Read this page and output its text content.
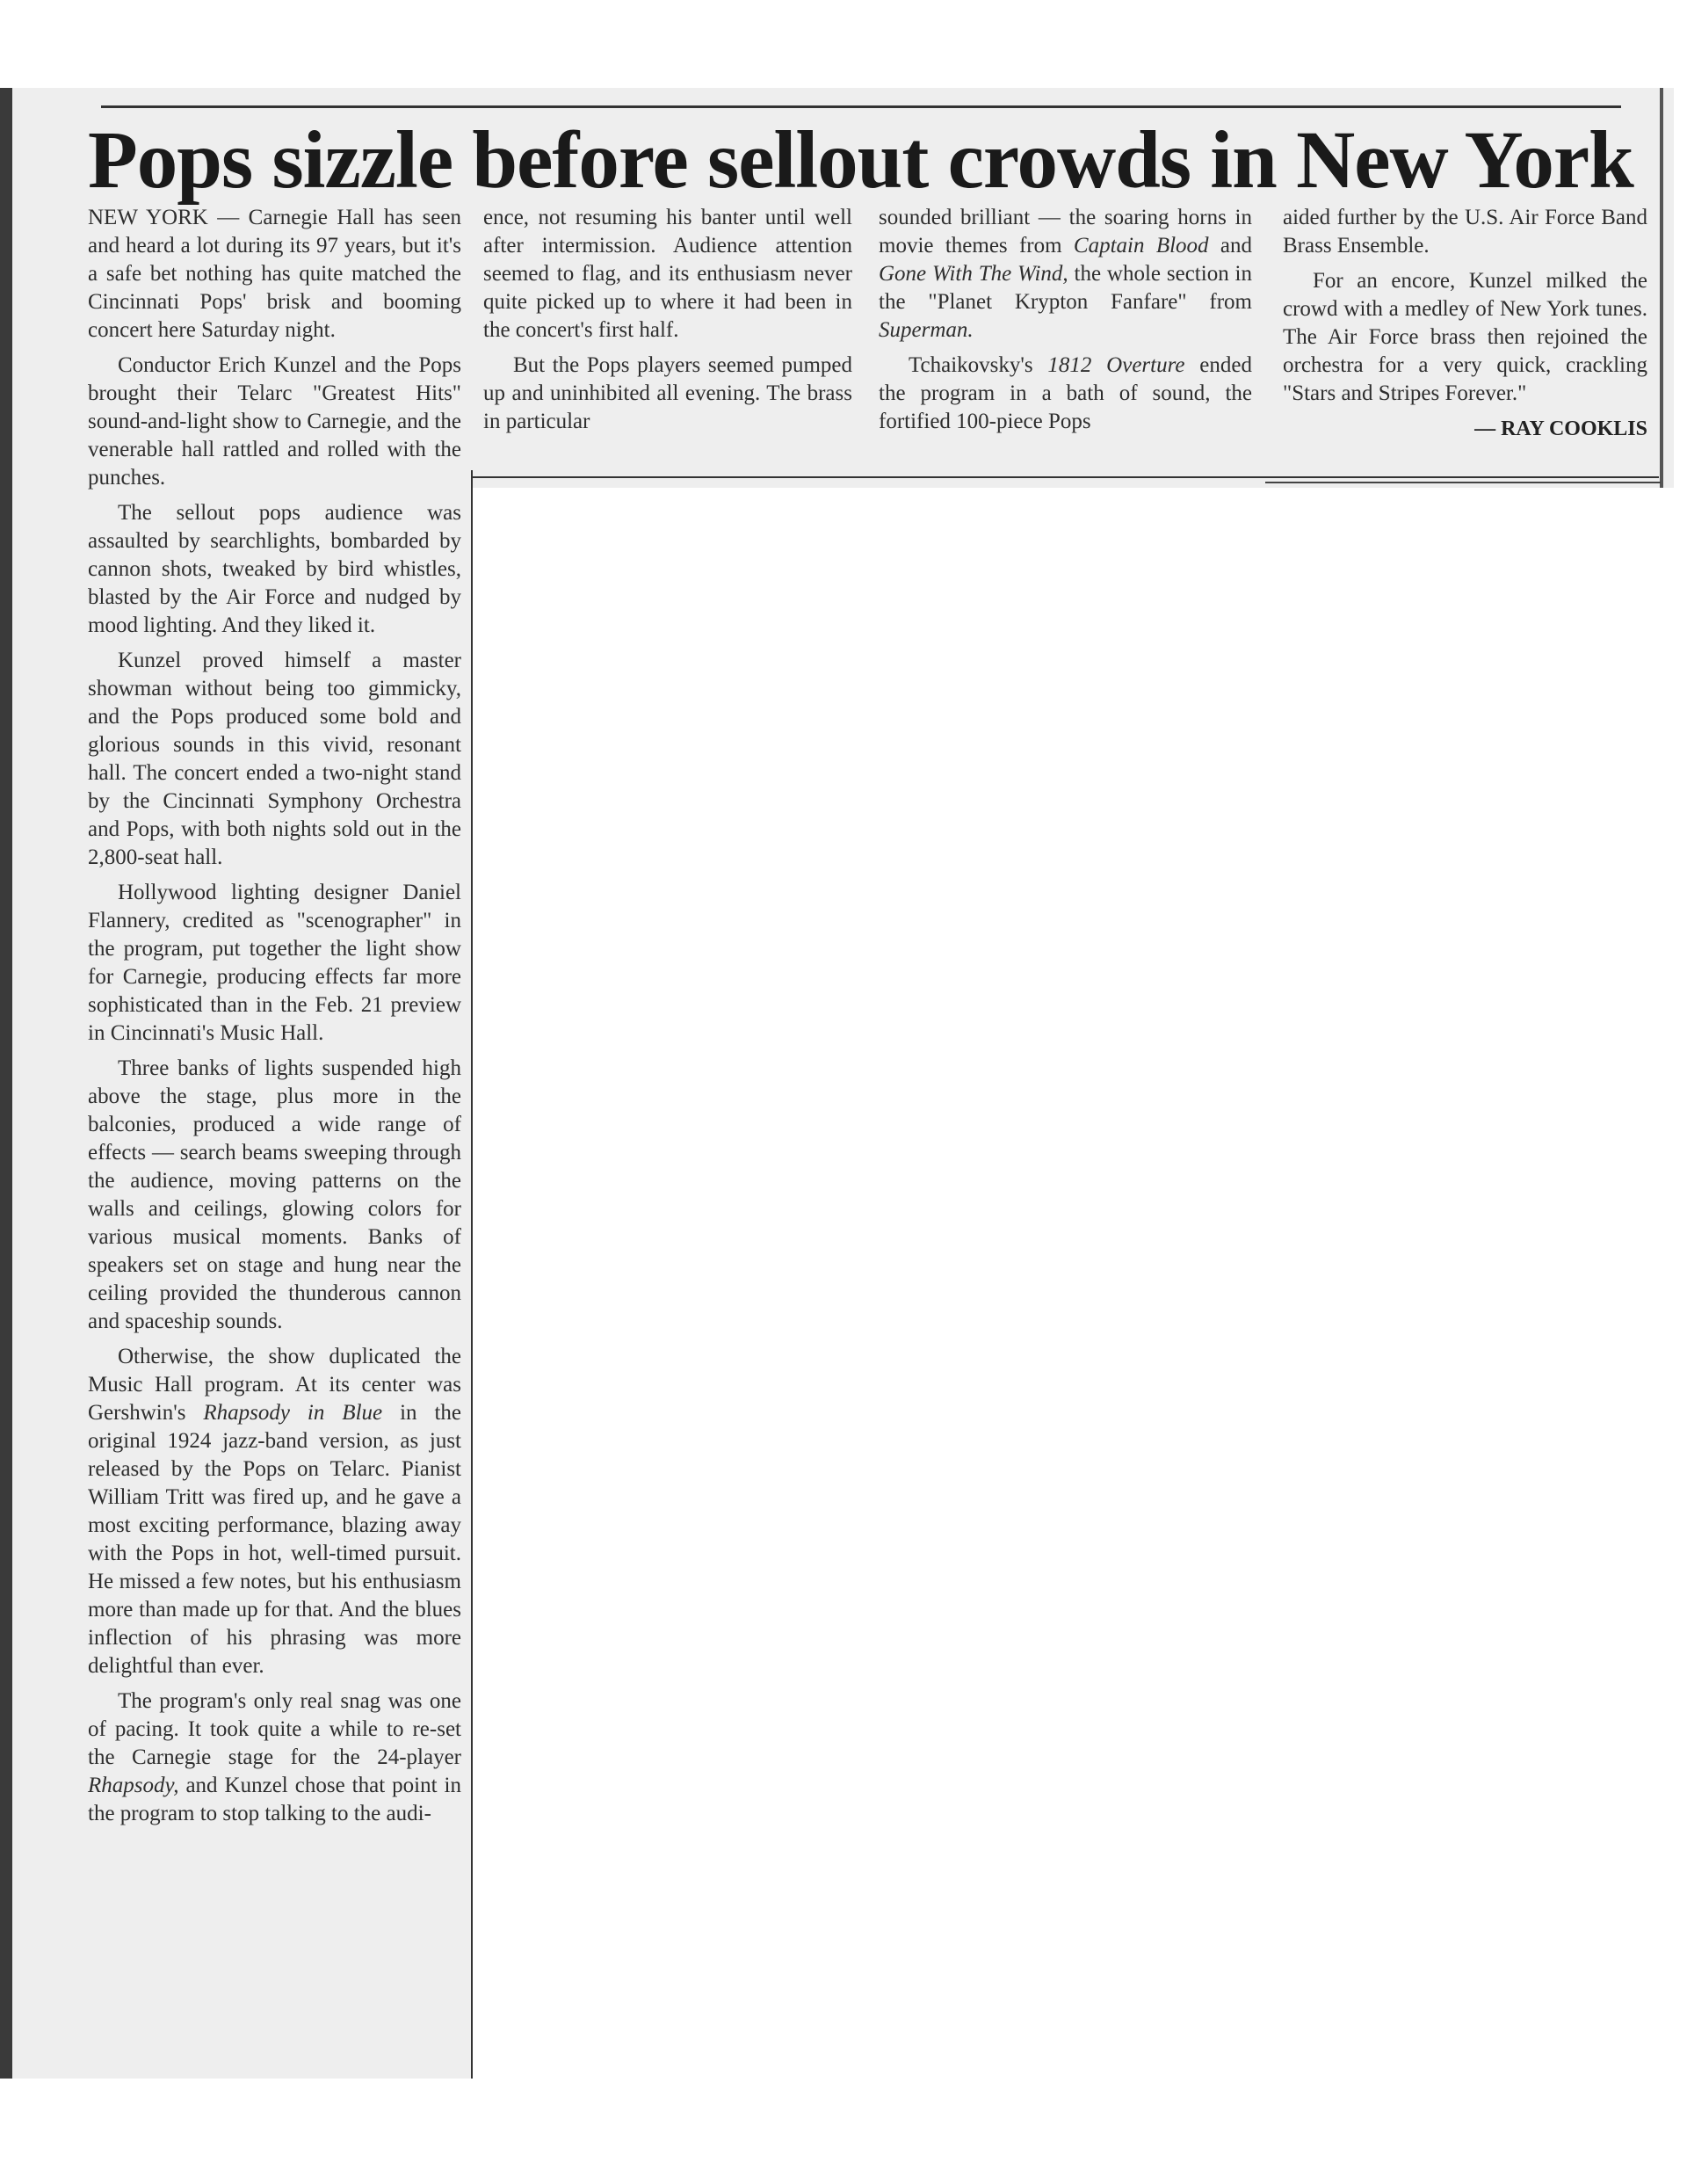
Pops sizzle before sellout crowds in New York

NEW YORK — Carnegie Hall has seen and heard a lot during its 97 years, but it's a safe bet nothing has quite matched the Cincinnati Pops' brisk and booming concert here Saturday night.

Conductor Erich Kunzel and the Pops brought their Telarc "Greatest Hits" sound-and-light show to Carnegie, and the venerable hall rattled and rolled with the punches.

The sellout pops audience was assaulted by searchlights, bombarded by cannon shots, tweaked by bird whistles, blasted by the Air Force and nudged by mood lighting. And they liked it.

Kunzel proved himself a master showman without being too gimmicky, and the Pops produced some bold and glorious sounds in this vivid, resonant hall. The concert ended a two-night stand by the Cincinnati Symphony Orchestra and Pops, with both nights sold out in the 2,800-seat hall.

Hollywood lighting designer Daniel Flannery, credited as "scenographer" in the program, put together the light show for Carnegie, producing effects far more sophisticated than in the Feb. 21 preview in Cincinnati's Music Hall.

Three banks of lights suspended high above the stage, plus more in the balconies, produced a wide range of effects — search beams sweeping through the audience, moving patterns on the walls and ceilings, glowing colors for various musical moments. Banks of speakers set on stage and hung near the ceiling provided the thunderous cannon and spaceship sounds.

Otherwise, the show duplicated the Music Hall program. At its center was Gershwin's Rhapsody in Blue in the original 1924 jazz-band version, as just released by the Pops on Telarc. Pianist William Tritt was fired up, and he gave a most exciting performance, blazing away with the Pops in hot, well-timed pursuit. He missed a few notes, but his enthusiasm more than made up for that. And the blues inflection of his phrasing was more delightful than ever.

The program's only real snag was one of pacing. It took quite a while to re-set the Carnegie stage for the 24-player Rhapsody, and Kunzel chose that point in the program to stop talking to the audi-

ence, not resuming his banter until well after intermission. Audience attention seemed to flag, and its enthusiasm never quite picked up to where it had been in the concert's first half.

But the Pops players seemed pumped up and uninhibited all evening. The brass in particular

sounded brilliant — the soaring horns in movie themes from Captain Blood and Gone With The Wind, the whole section in the "Planet Krypton Fanfare" from Superman.

Tchaikovsky's 1812 Overture ended the program in a bath of sound, the fortified 100-piece Pops

aided further by the U.S. Air Force Band Brass Ensemble.

For an encore, Kunzel milked the crowd with a medley of New York tunes. The Air Force brass then rejoined the orchestra for a very quick, crackling "Stars and Stripes Forever."

— RAY COOKLIS
